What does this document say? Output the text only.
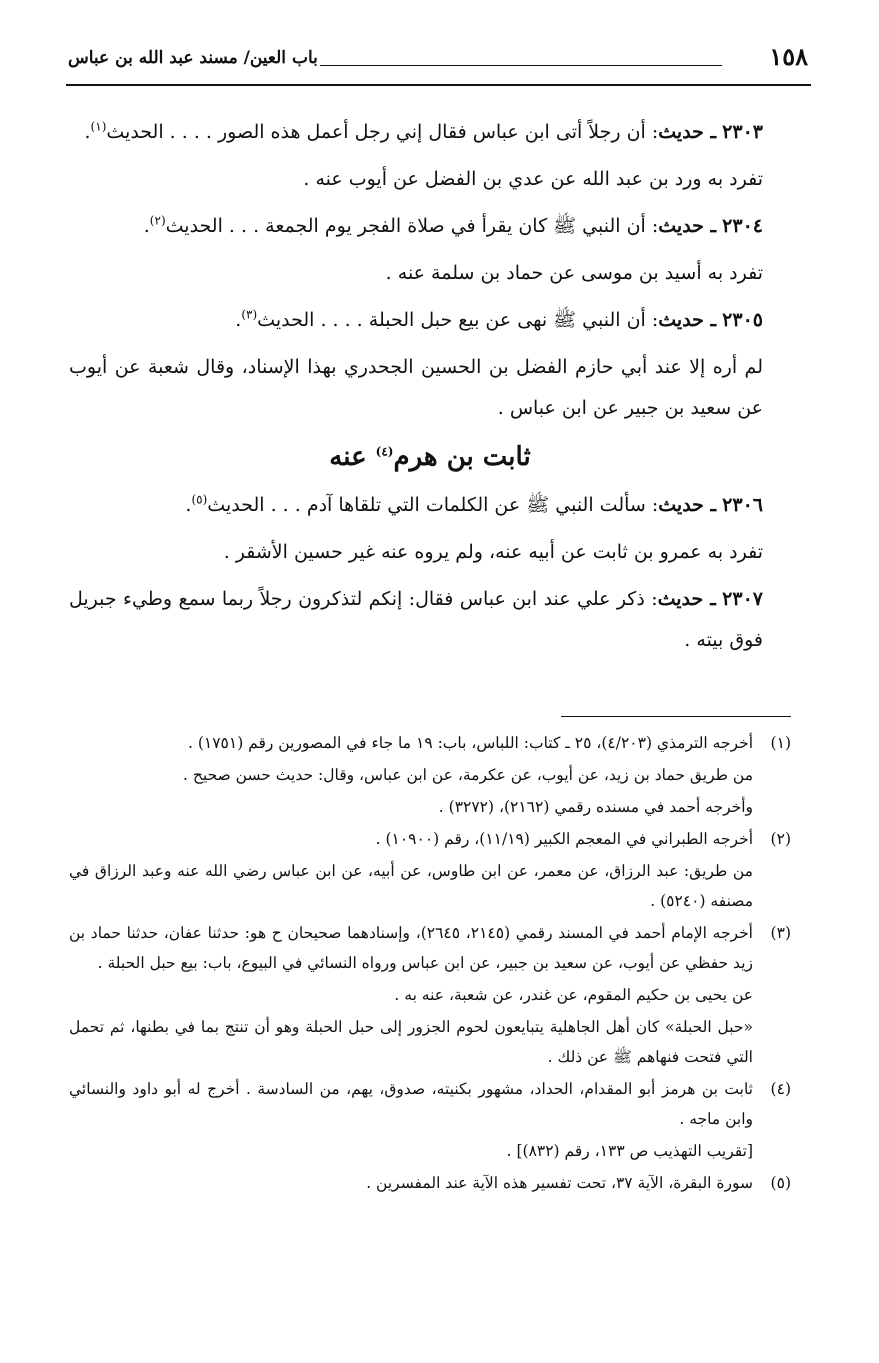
١٥٨
باب العين/ مسند عبد الله بن عباس

٢٣٠٣ ـ حديث: أن رجلاً أتى ابن عباس فقال إني رجل أعمل هذه الصور . . . . الحديث$^{(١)}$.

تفرد به ورد بن عبد الله عن عدي بن الفضل عن أيوب عنه .

٢٣٠٤ ـ حديث: أن النبي ﷺ كان يقرأ في صلاة الفجر يوم الجمعة . . . الحديث$^{(٢)}$.

تفرد به أسيد بن موسى عن حماد بن سلمة عنه .

٢٣٠٥ ـ حديث: أن النبي ﷺ نهى عن بيع حبل الحبلة . . . . الحديث$^{(٣)}$.

لم أره إلا عند أبي حازم الفضل بن الحسين الجحدري بهذا الإسناد، وقال شعبة عن أيوب عن سعيد بن جبير عن ابن عباس .

ثابت بن هرم$^{(٤)}$ عنه

٢٣٠٦ ـ حديث: سألت النبي ﷺ عن الكلمات التي تلقاها آدم . . . الحديث$^{(٥)}$.

تفرد به عمرو بن ثابت عن أبيه عنه، ولم يروه عنه غير حسين الأشقر .

٢٣٠٧ ـ حديث: ذكر علي عند ابن عباس فقال: إنكم لتذكرون رجلاً ربما سمع وطيء جبريل فوق بيته .

(١)

أخرجه الترمذي (٤/٢٠٣)، ٢٥ ـ كتاب: اللباس، باب: ١٩ ما جاء في المصورين رقم (١٧٥١) .

من طريق حماد بن زيد، عن أيوب، عن عكرمة، عن ابن عباس، وقال: حديث حسن صحيح .

وأخرجه أحمد في مسنده رقمي (٢١٦٢)، (٣٢٧٢) .

(٢)

أخرجه الطبراني في المعجم الكبير (١١/١٩)، رقم (١٠٩٠٠) .

من طريق: عبد الرزاق، عن معمر، عن ابن طاوس، عن أبيه، عن ابن عباس رضي الله عنه وعبد الرزاق في مصنفه (٥٢٤٠) .

(٣)

أخرجه الإمام أحمد في المسند رقمي (٢١٤٥، ٢٦٤٥)، وإسنادهما صحيحان ح هو: حدثنا عفان، حدثنا حماد بن زيد حفظي عن أيوب، عن سعيد بن جبير، عن ابن عباس ورواه النسائي في البيوع، باب: بيع حبل الحبلة .

عن يحيى بن حكيم المقوم، عن غندر، عن شعبة، عنه به .

«حبل الحبلة» كان أهل الجاهلية يتبايعون لحوم الجزور إلى حبل الحبلة وهو أن تنتج بما في بطنها، ثم تحمل التي فتحت فنهاهم ﷺ عن ذلك .

(٤)

ثابت بن هرمز أبو المقدام، الحداد، مشهور بكنيته، صدوق، يهم، من السادسة . أخرج له أبو داود والنسائي وابن ماجه .

[تقريب التهذيب ص ١٣٣، رقم (٨٣٢)] .

(٥)

سورة البقرة، الآية ٣٧، تحت تفسير هذه الآية عند المفسرين .
